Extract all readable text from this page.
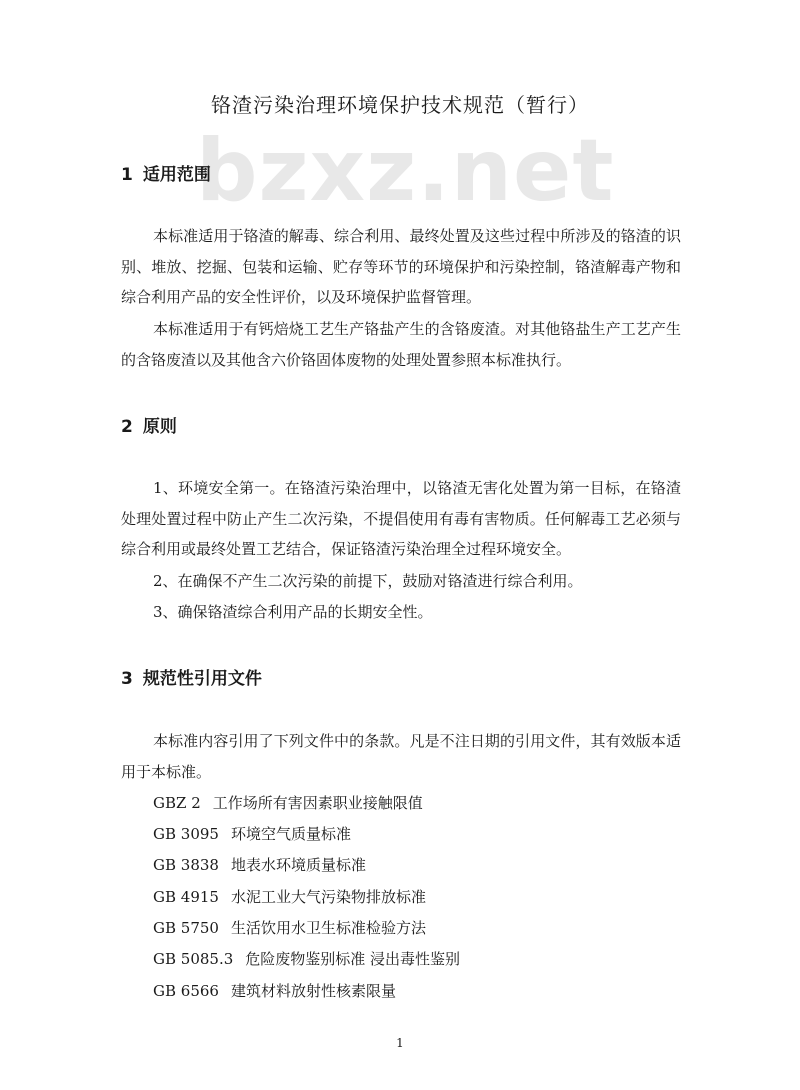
bzxz.net
铬渣污染治理环境保护技术规范（暂行）
1 适用范围

本标准适用于铬渣的解毒、综合利用、最终处置及这些过程中所涉及的铬渣的识别、堆放、挖掘、包装和运输、贮存等环节的环境保护和污染控制，铬渣解毒产物和综合利用产品的安全性评价，以及环境保护监督管理。

本标准适用于有钙焙烧工艺生产铬盐产生的含铬废渣。对其他铬盐生产工艺产生的含铬废渣以及其他含六价铬固体废物的处理处置参照本标准执行。

2 原则

1、环境安全第一。在铬渣污染治理中，以铬渣无害化处置为第一目标，在铬渣处理处置过程中防止产生二次污染，不提倡使用有毒有害物质。任何解毒工艺必须与综合利用或最终处置工艺结合，保证铬渣污染治理全过程环境安全。

2、在确保不产生二次污染的前提下，鼓励对铬渣进行综合利用。

3、确保铬渣综合利用产品的长期安全性。

3 规范性引用文件

本标准内容引用了下列文件中的条款。凡是不注日期的引用文件，其有效版本适用于本标准。

GBZ 2 工作场所有害因素职业接触限值
GB 3095 环境空气质量标准
GB 3838 地表水环境质量标准
GB 4915 水泥工业大气污染物排放标准
GB 5750 生活饮用水卫生标准检验方法
GB 5085.3 危险废物鉴别标准 浸出毒性鉴别
GB 6566 建筑材料放射性核素限量
1
